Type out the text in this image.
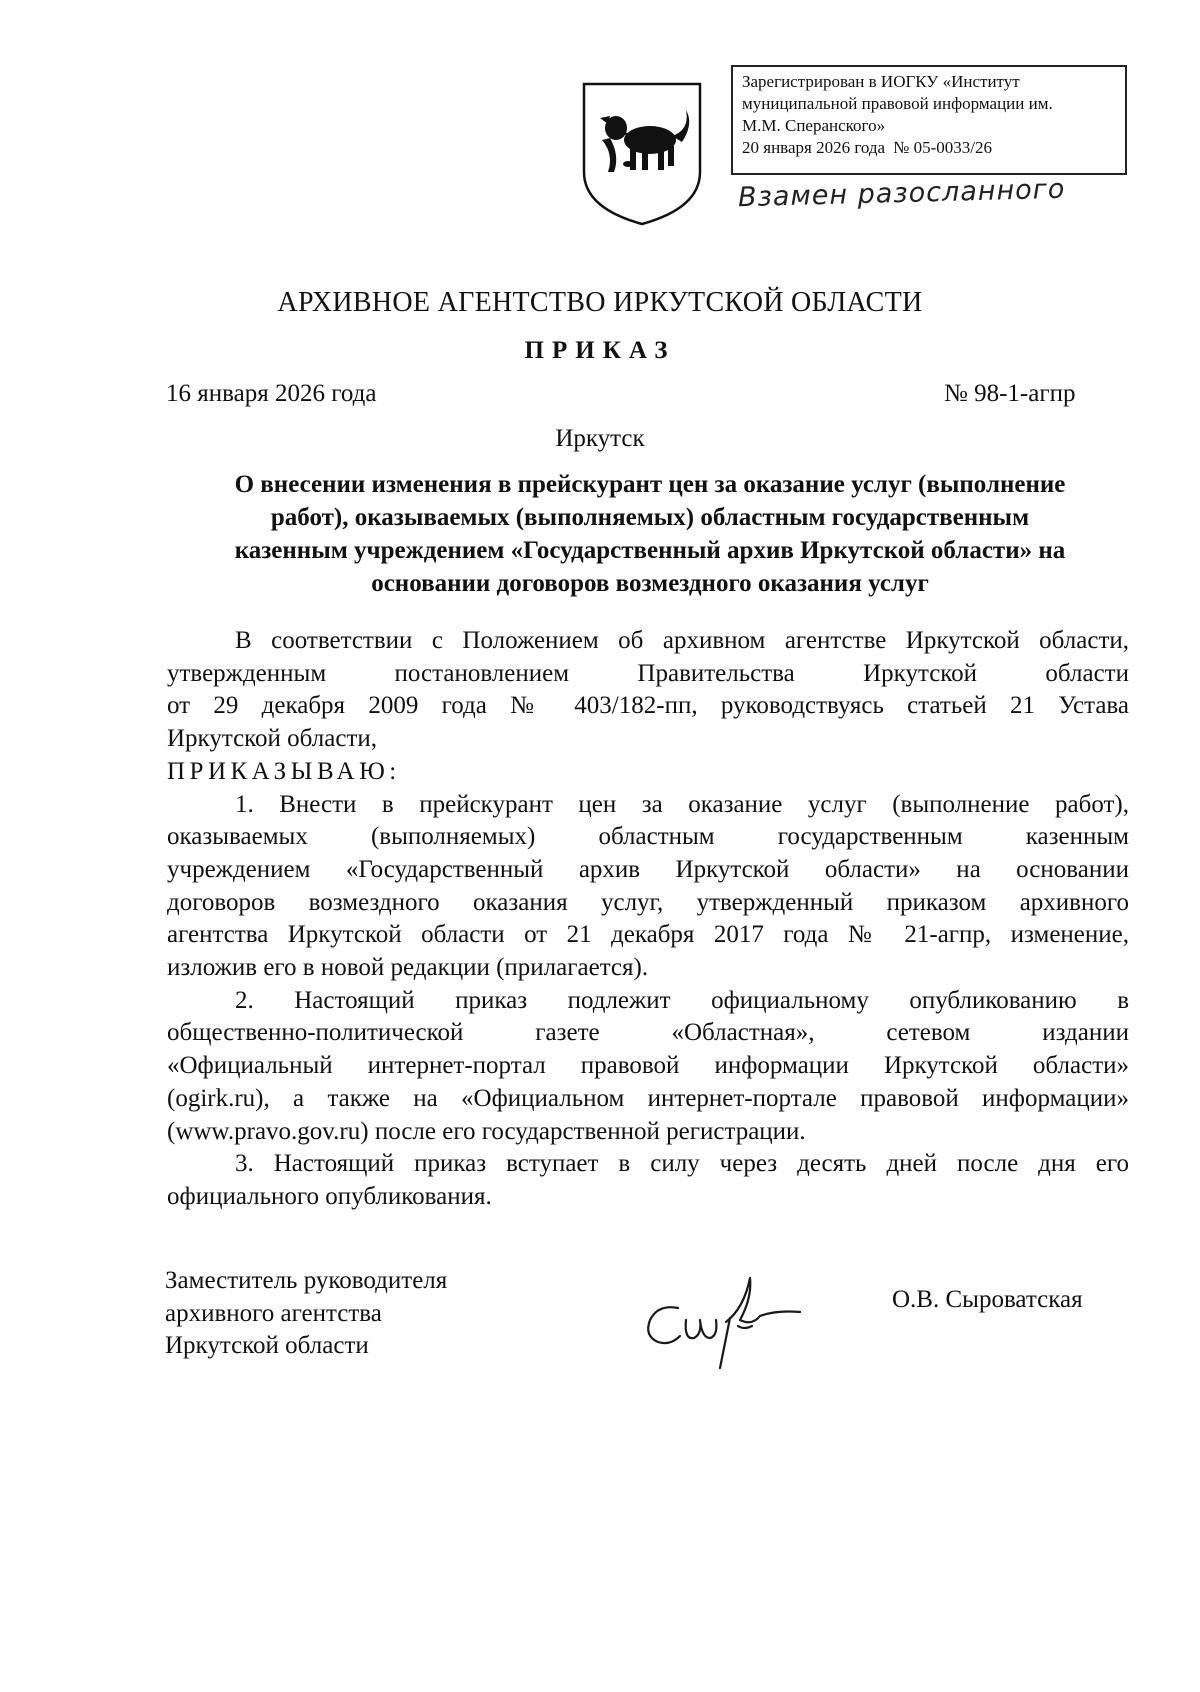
Зарегистрирован в ИОГКУ «Институт
муниципальной правовой информации им.
М.М. Сперанского»
20 января 2026 года № 05-0033/26
Взамен разосланного
АРХИВНОЕ АГЕНТСТВО ИРКУТСКОЙ ОБЛАСТИ
ПРИКАЗ
16 января 2026 года	№ 98-1-агпр
Иркутск
О внесении изменения в прейскурант цен за оказание услуг (выполнение
работ), оказываемых (выполняемых) областным государственным
казенным учреждением «Государственный архив Иркутской области» на
основании договоров возмездного оказания услуг
В соответствии с Положением об архивном агентстве Иркутской области,
утвержденным постановлением Правительства Иркутской области
от 29 декабря 2009 года № 403/182-пп, руководствуясь статьей 21 Устава
Иркутской области,
ПРИКАЗЫВАЮ:
1. Внести в прейскурант цен за оказание услуг (выполнение работ),
оказываемых (выполняемых) областным государственным казенным
учреждением «Государственный архив Иркутской области» на основании
договоров возмездного оказания услуг, утвержденный приказом архивного
агентства Иркутской области от 21 декабря 2017 года № 21-агпр, изменение,
изложив его в новой редакции (прилагается).
2. Настоящий приказ подлежит официальному опубликованию в
общественно-политической газете «Областная», сетевом издании
«Официальный интернет-портал правовой информации Иркутской области»
(ogirk.ru), а также на «Официальном интернет-портале правовой информации»
(www.pravo.gov.ru) после его государственной регистрации.
3. Настоящий приказ вступает в силу через десять дней после дня его
официального опубликования.
Заместитель руководителя
архивного агентства
Иркутской области
О.В. Сыроватская
